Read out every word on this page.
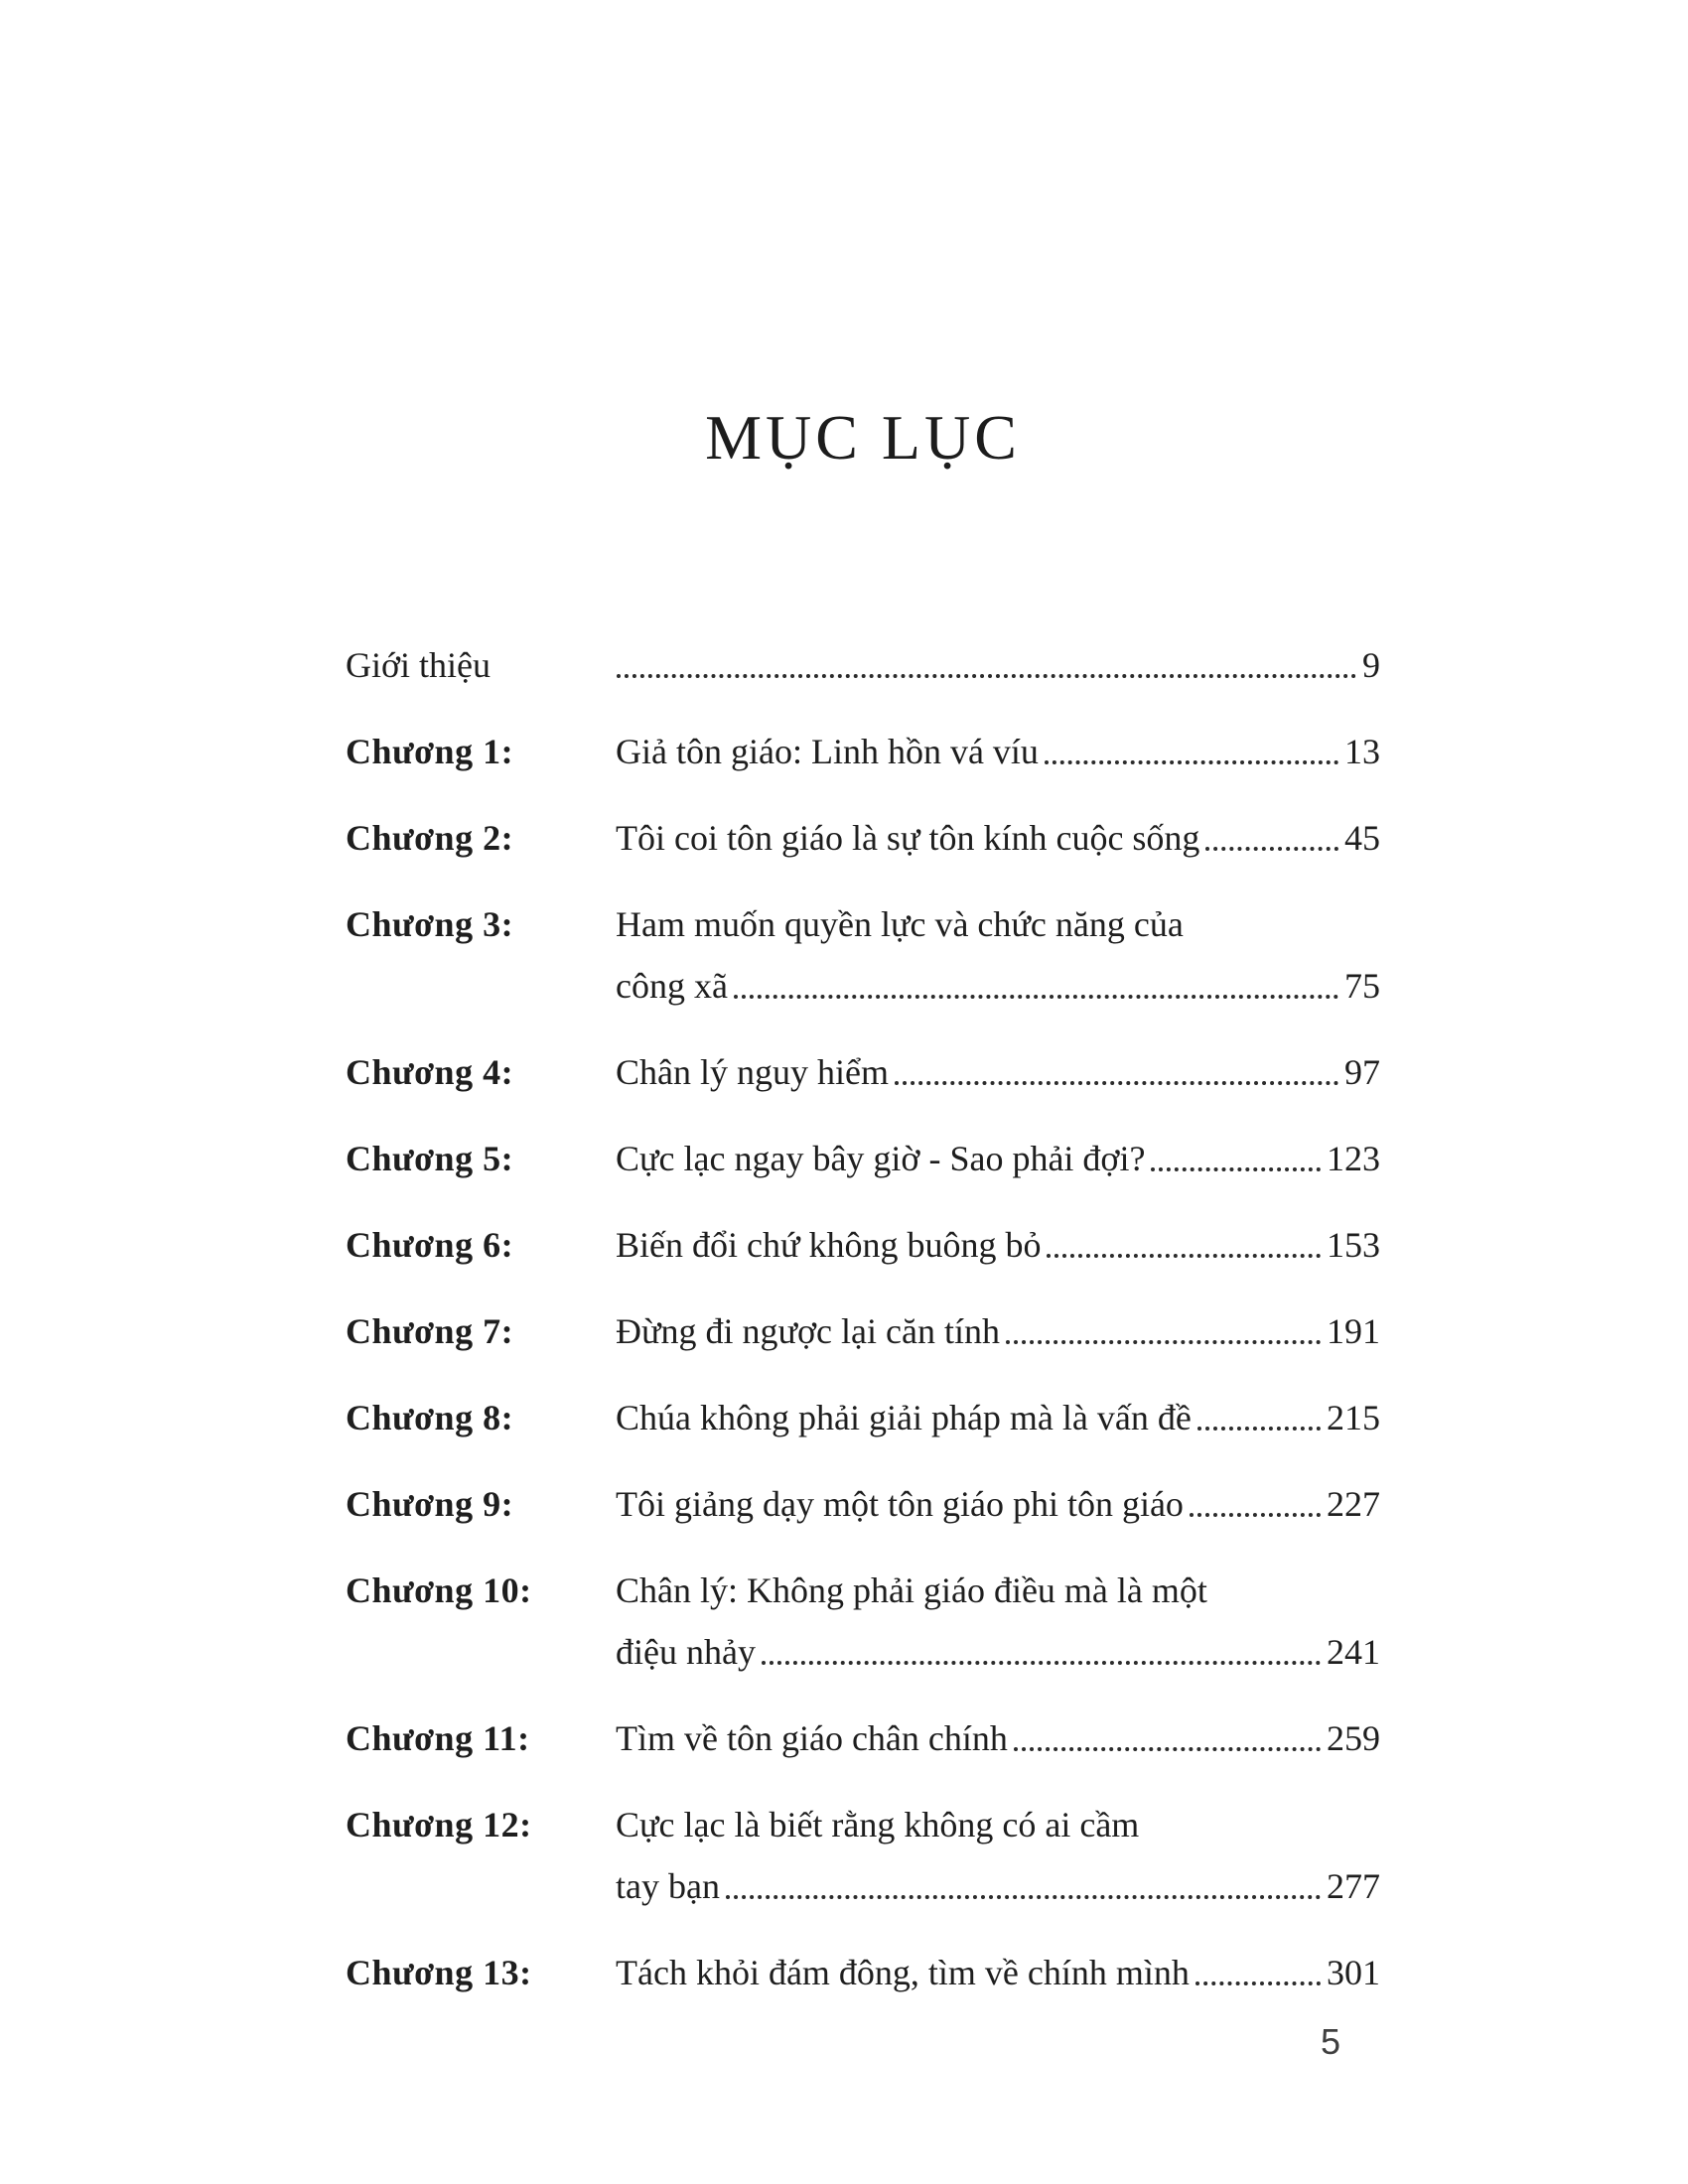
MỤC LỤC
Giới thiệu	9
Chương 1:	Giả tôn giáo: Linh hồn vá víu	13
Chương 2:	Tôi coi tôn giáo là sự tôn kính cuộc sống	45
Chương 3:	Ham muốn quyền lực và chức năng của
công xã	75
Chương 4:	Chân lý nguy hiểm	97
Chương 5:	Cực lạc ngay bây giờ - Sao phải đợi?	123
Chương 6:	Biến đổi chứ không buông bỏ	153
Chương 7:	Đừng đi ngược lại căn tính	191
Chương 8:	Chúa không phải giải pháp mà là vấn đề	215
Chương 9:	Tôi giảng dạy một tôn giáo phi tôn giáo	227
Chương 10:	Chân lý: Không phải giáo điều mà là một
điệu nhảy	241
Chương 11:	Tìm về tôn giáo chân chính	259
Chương 12:	Cực lạc là biết rằng không có ai cầm
tay bạn	277
Chương 13:	Tách khỏi đám đông, tìm về chính mình	301
5
